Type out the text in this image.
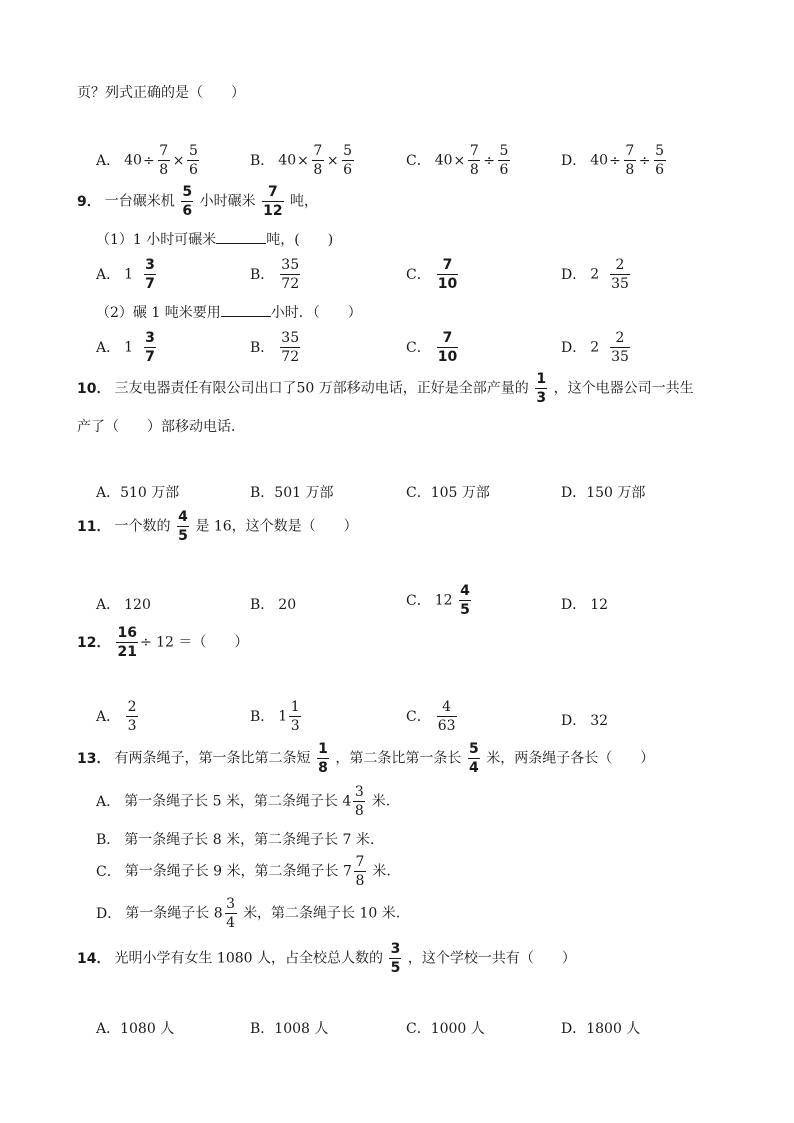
页？列式正确的是（　　）
A． $40\div \frac{7}{8} \times \frac{5}{6}$	B． $40\times \frac{7}{8} \times \frac{5}{6}$	C． $40\times \frac{7}{8} \div \frac{5}{6}$	D． $40\div \frac{7}{8} \div \frac{5}{6}$
9． 一台碾米机 $\frac{5}{6}$ 小时碾米 $\frac{7}{12}$ 吨，
（1）1 小时可碾米	吨，(　　)
A． $1 \frac{3}{7}$	B． $\frac{35}{72}$	C． $\frac{7}{10}$	D． $2 \frac{2}{35}$
（2）碾 1 吨米要用	小时．（　　）
A． $1 \frac{3}{7}$	B． $\frac{35}{72}$	C． $\frac{7}{10}$	D． $2 \frac{2}{35}$
10． 三友电器责任有限公司出口了50 万部移动电话，正好是全部产量的 $\frac{1}{3}$ ，这个电器公司一共生
产了（　　）部移动电话．
A．510 万部	B．501 万部	C．105 万部	D．150 万部
11． 一个数的 $\frac{4}{5}$ 是 16，这个数是（　　）
A． 120	B． 20	C． $12 \frac{4}{5}$	D． 12
12． $\frac{16}{21} \div 12$ ＝（　　）
A． $\frac{2}{3}$	B． $1 \frac{1}{3}$	C． $\frac{4}{63}$	D． 32
13． 有两条绳子，第一条比第二条短 $\frac{1}{8}$ ，第二条比第一条长 $\frac{5}{4}$ 米，两条绳子各长（　　）
A． 第一条绳子长 5 米，第二条绳子长 $4 \frac{3}{8}$ 米.
B． 第一条绳子长 8 米，第二条绳子长 7 米.
C． 第一条绳子长 9 米，第二条绳子长 $7 \frac{7}{8}$ 米.
D． 第一条绳子长 $8 \frac{3}{4}$ 米，第二条绳子长 10 米.
14． 光明小学有女生 1080 人，占全校总人数的 $\frac{3}{5}$ ，这个学校一共有（　　）
A．1080 人	B．1008 人	C．1000 人	D．1800 人
